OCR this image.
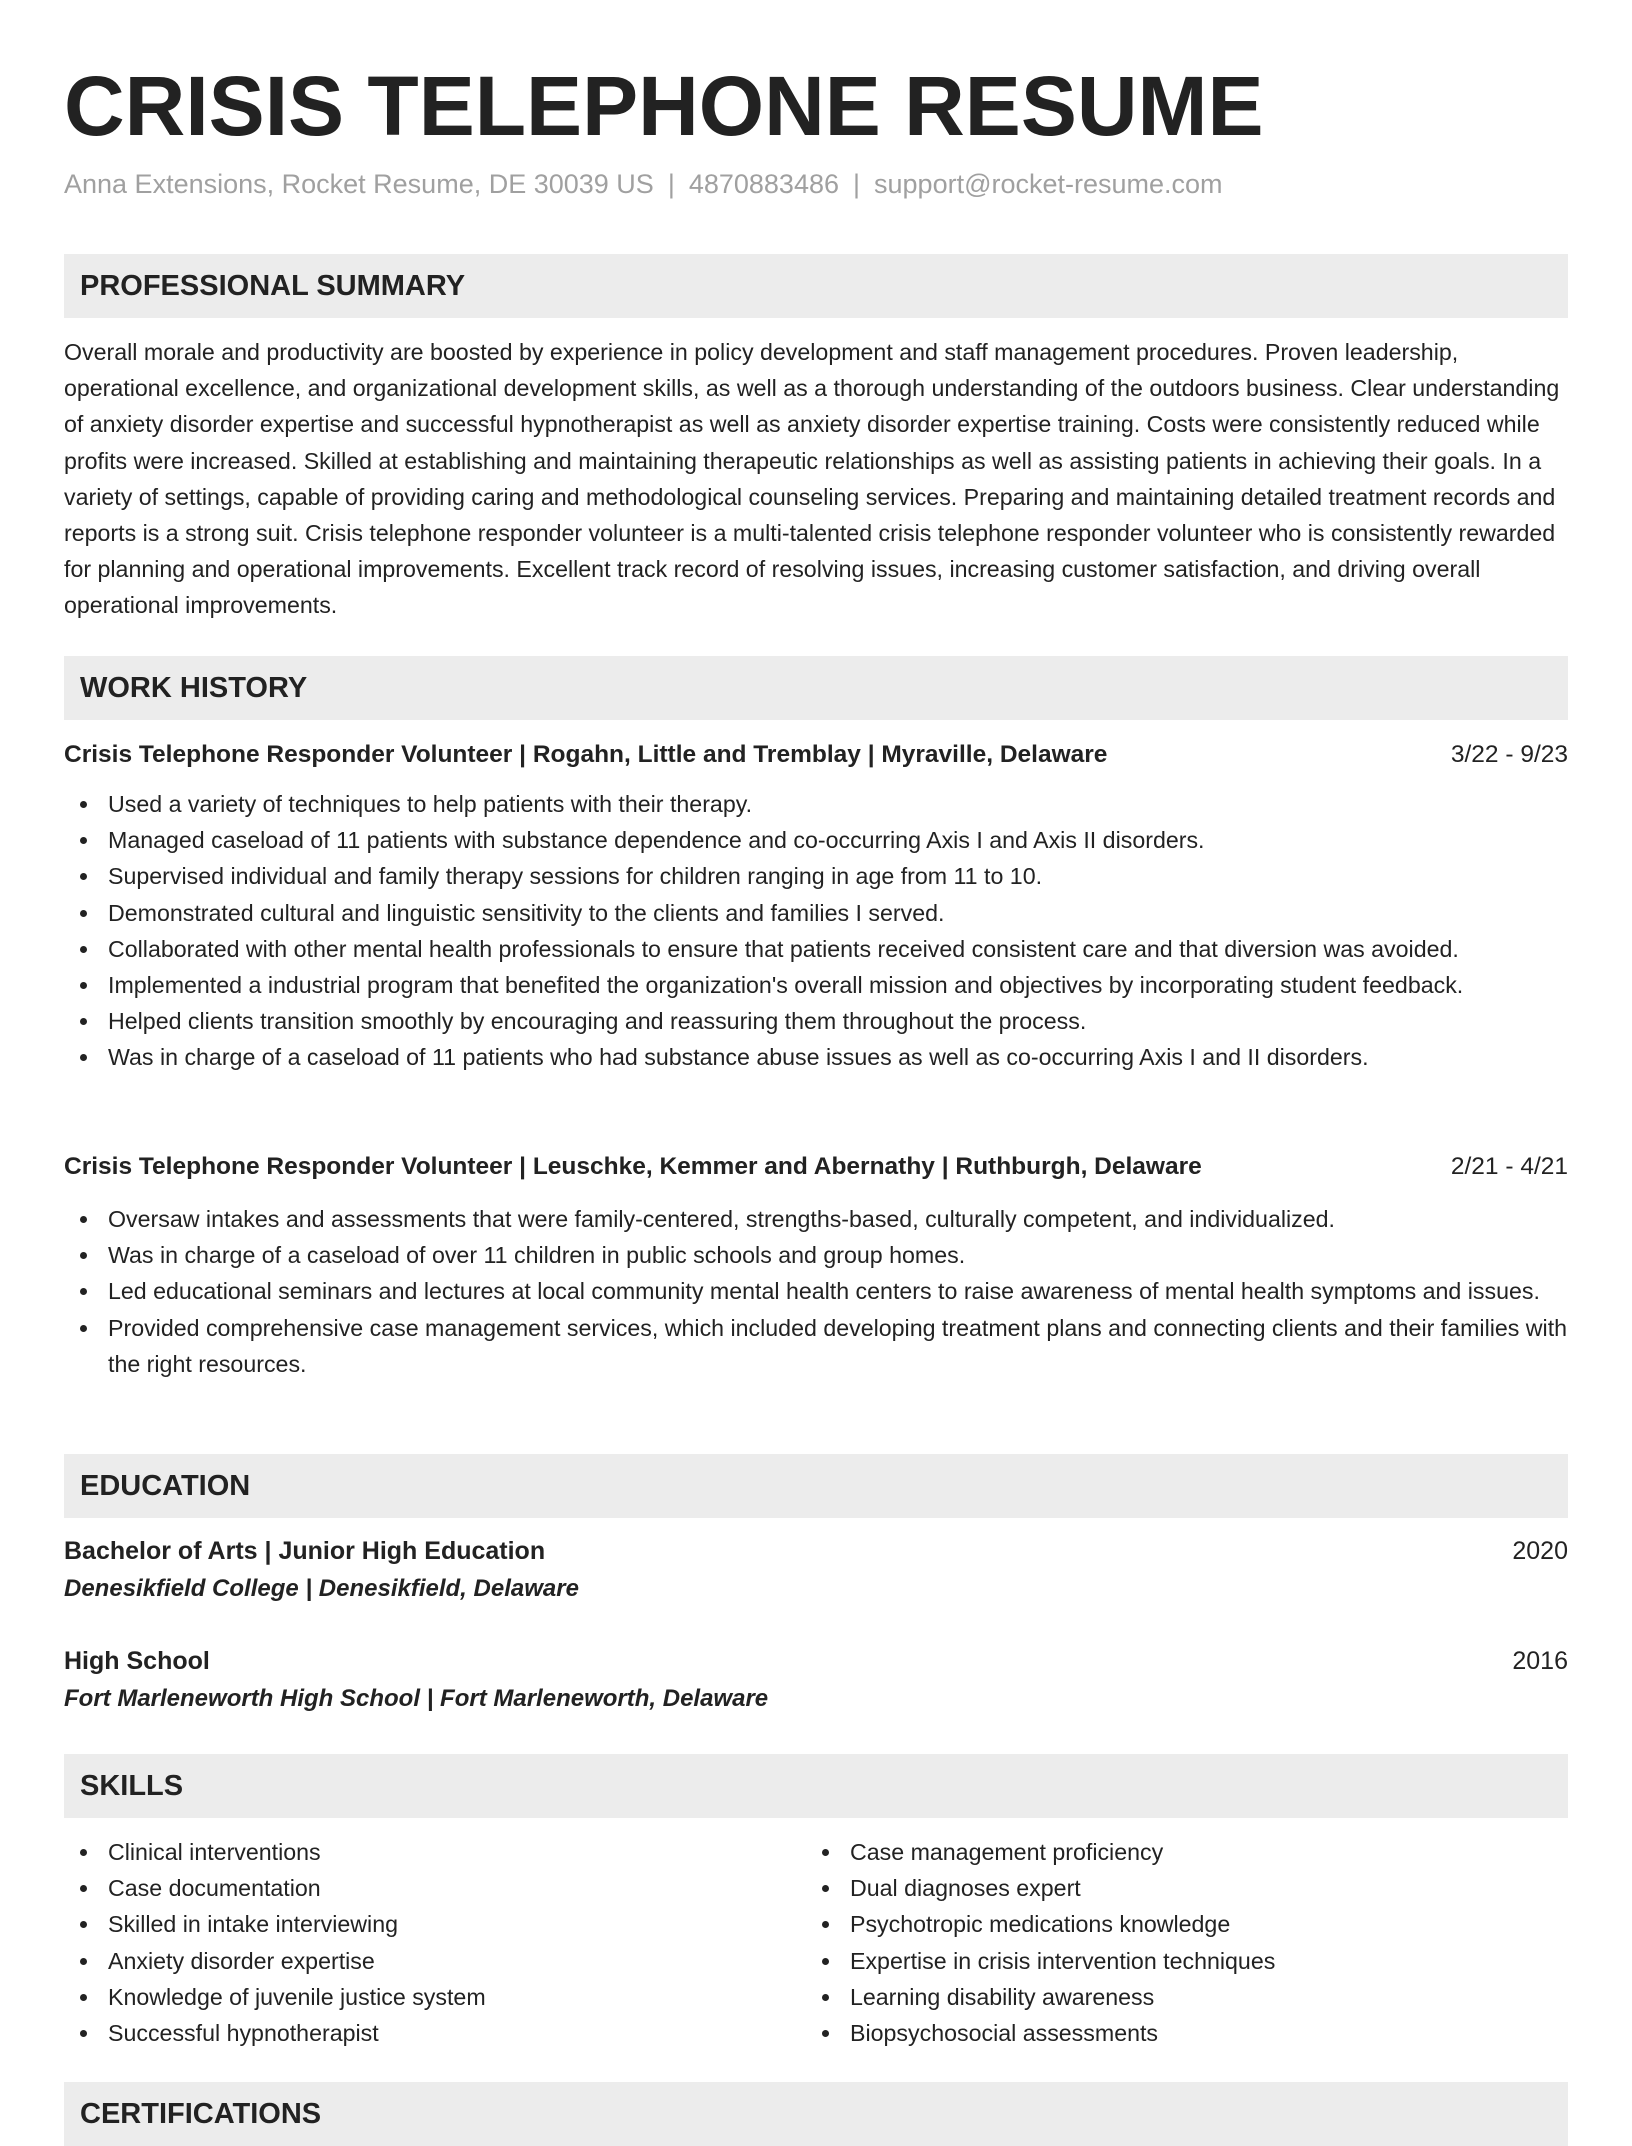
CRISIS TELEPHONE RESUME
Anna Extensions, Rocket Resume, DE 30039 US | 4870883486 | support@rocket-resume.com
PROFESSIONAL SUMMARY

Overall morale and productivity are boosted by experience in policy development and staff management procedures. Proven leadership, operational excellence, and organizational development skills, as well as a thorough understanding of the outdoors business. Clear understanding of anxiety disorder expertise and successful hypnotherapist as well as anxiety disorder expertise training. Costs were consistently reduced while profits were increased. Skilled at establishing and maintaining therapeutic relationships as well as assisting patients in achieving their goals. In a variety of settings, capable of providing caring and methodological counseling services. Preparing and maintaining detailed treatment records and reports is a strong suit. Crisis telephone responder volunteer is a multi-talented crisis telephone responder volunteer who is consistently rewarded for planning and operational improvements. Excellent track record of resolving issues, increasing customer satisfaction, and driving overall operational improvements.

WORK HISTORY
Crisis Telephone Responder Volunteer | Rogahn, Little and Tremblay | Myraville, Delaware	3/22 - 9/23
Used a variety of techniques to help patients with their therapy.
Managed caseload of 11 patients with substance dependence and co-occurring Axis I and Axis II disorders.
Supervised individual and family therapy sessions for children ranging in age from 11 to 10.
Demonstrated cultural and linguistic sensitivity to the clients and families I served.
Collaborated with other mental health professionals to ensure that patients received consistent care and that diversion was avoided.
Implemented a industrial program that benefited the organization's overall mission and objectives by incorporating student feedback.
Helped clients transition smoothly by encouraging and reassuring them throughout the process.
Was in charge of a caseload of 11 patients who had substance abuse issues as well as co-occurring Axis I and II disorders.
Crisis Telephone Responder Volunteer | Leuschke, Kemmer and Abernathy | Ruthburgh, Delaware	2/21 - 4/21
Oversaw intakes and assessments that were family-centered, strengths-based, culturally competent, and individualized.
Was in charge of a caseload of over 11 children in public schools and group homes.
Led educational seminars and lectures at local community mental health centers to raise awareness of mental health symptoms and issues.
Provided comprehensive case management services, which included developing treatment plans and connecting clients and their families with the right resources.
EDUCATION
Bachelor of Arts | Junior High Education	2020
Denesikfield College | Denesikfield, Delaware
High School	2016
Fort Marleneworth High School | Fort Marleneworth, Delaware
SKILLS
Clinical interventions
Case documentation
Skilled in intake interviewing
Anxiety disorder expertise
Knowledge of juvenile justice system
Successful hypnotherapist
Case management proficiency
Dual diagnoses expert
Psychotropic medications knowledge
Expertise in crisis intervention techniques
Learning disability awareness
Biopsychosocial assessments
CERTIFICATIONS
